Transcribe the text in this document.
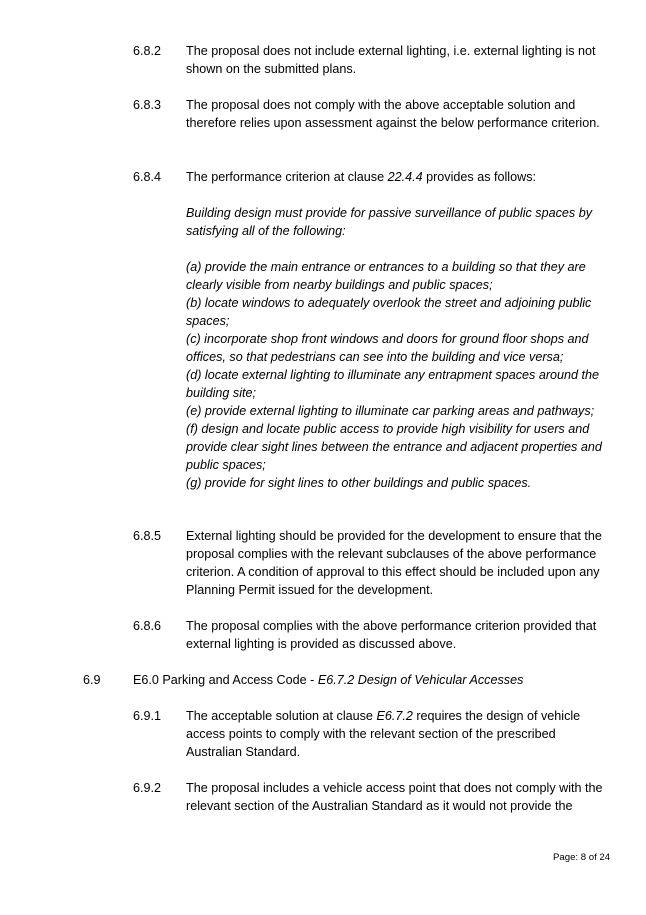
6.8.2 The proposal does not include external lighting, i.e. external lighting is not shown on the submitted plans.
6.8.3 The proposal does not comply with the above acceptable solution and therefore relies upon assessment against the below performance criterion.
6.8.4 The performance criterion at clause 22.4.4 provides as follows:
Building design must provide for passive surveillance of public spaces by satisfying all of the following:
(a) provide the main entrance or entrances to a building so that they are clearly visible from nearby buildings and public spaces;
(b) locate windows to adequately overlook the street and adjoining public spaces;
(c) incorporate shop front windows and doors for ground floor shops and offices, so that pedestrians can see into the building and vice versa;
(d) locate external lighting to illuminate any entrapment spaces around the building site;
(e) provide external lighting to illuminate car parking areas and pathways;
(f) design and locate public access to provide high visibility for users and provide clear sight lines between the entrance and adjacent properties and public spaces;
(g) provide for sight lines to other buildings and public spaces.
6.8.5 External lighting should be provided for the development to ensure that the proposal complies with the relevant subclauses of the above performance criterion. A condition of approval to this effect should be included upon any Planning Permit issued for the development.
6.8.6 The proposal complies with the above performance criterion provided that external lighting is provided as discussed above.
6.9	E6.0 Parking and Access Code - E6.7.2 Design of Vehicular Accesses
6.9.1 The acceptable solution at clause E6.7.2 requires the design of vehicle access points to comply with the relevant section of the prescribed Australian Standard.
6.9.2 The proposal includes a vehicle access point that does not comply with the relevant section of the Australian Standard as it would not provide the
Page: 8 of 24
